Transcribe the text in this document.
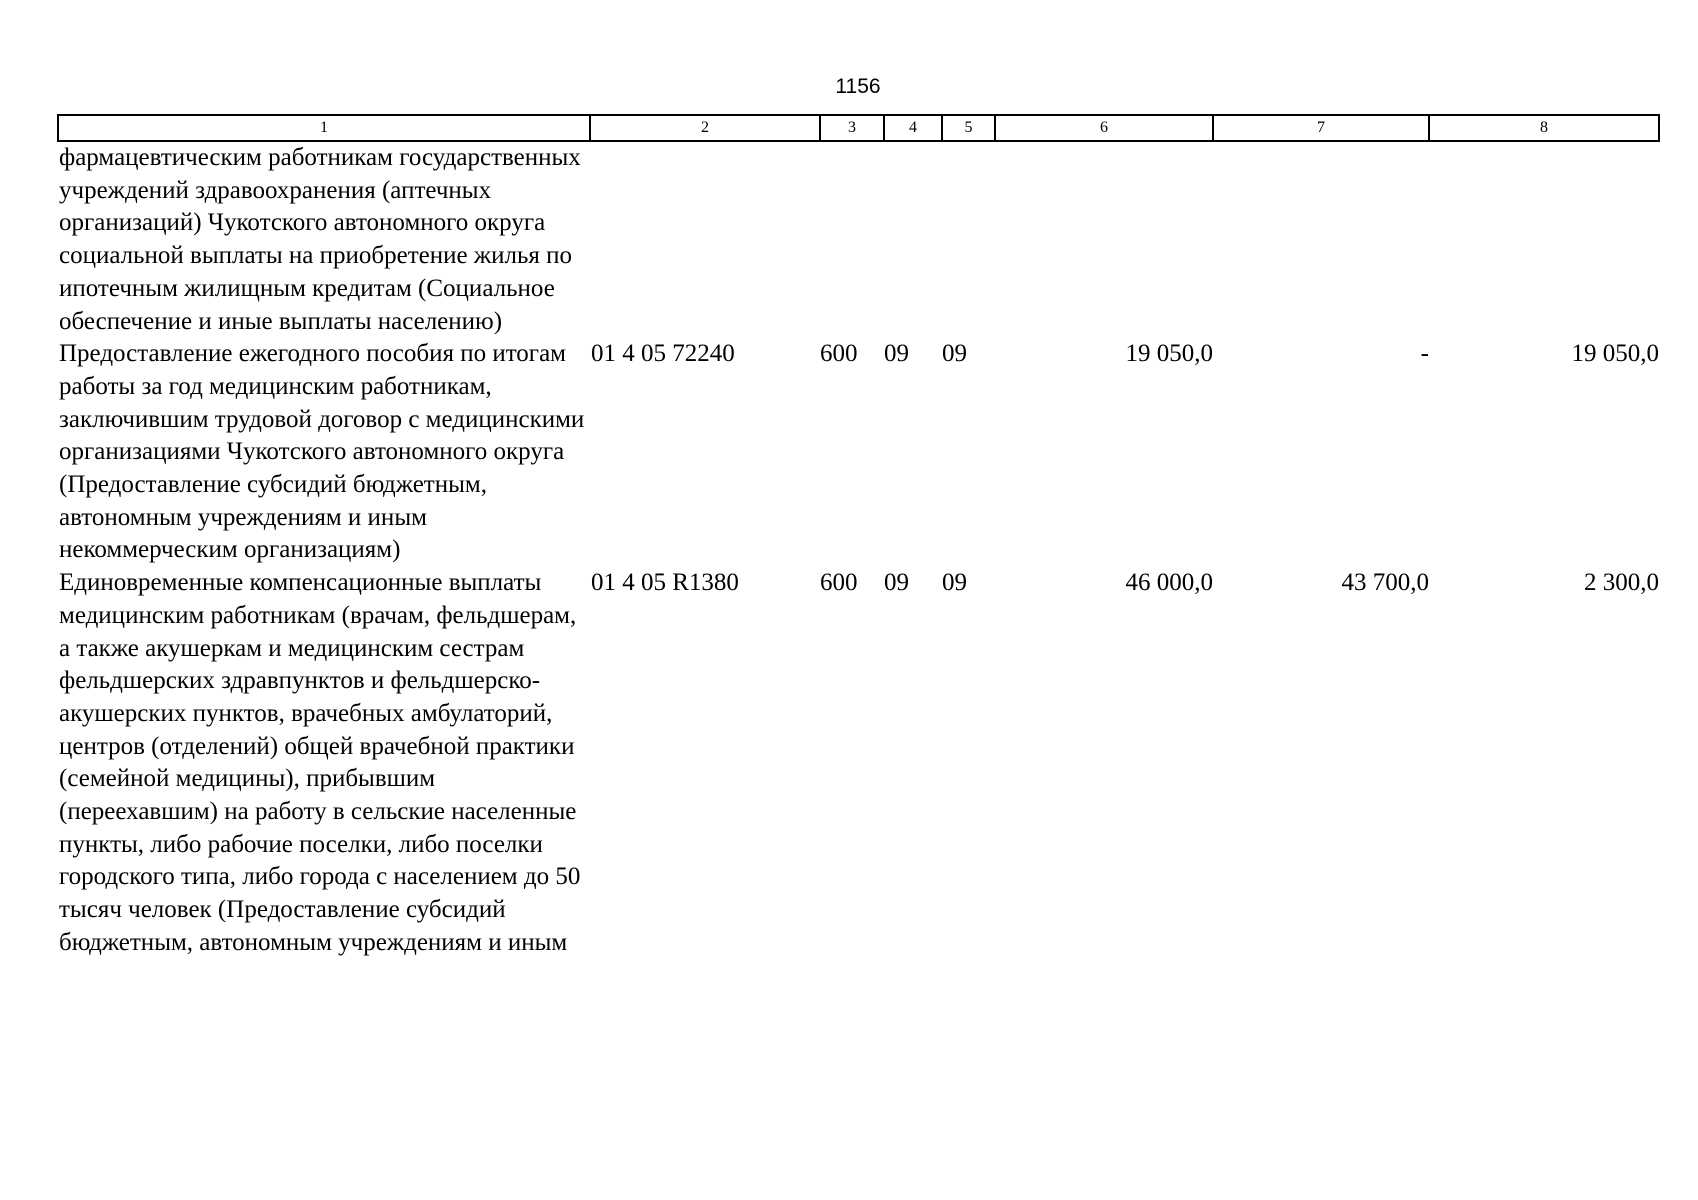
1156
1	2	3	4	5	6	7	8
фармацевтическим работникам государственных учреждений здравоохранения (аптечных организаций) Чукотского автономного округа социальной выплаты на приобретение жилья по ипотечным жилищным кредитам (Социальное обеспечение и иные выплаты населению)							
Предоставление ежегодного пособия по итогам работы за год медицинским работникам, заключившим трудовой договор с медицинскими организациями Чукотского автономного округа (Предоставление субсидий бюджетным, автономным учреждениям и иным некоммерческим организациям)	01 4 05 72240	600	09	09	19 050,0	-	19 050,0
Единовременные компенсационные выплаты медицинским работникам (врачам, фельдшерам, а также акушеркам и медицинским сестрам фельдшерских здравпунктов и фельдшерско-акушерских пунктов, врачебных амбулаторий, центров (отделений) общей врачебной практики (семейной медицины), прибывшим (переехавшим) на работу в сельские населенные пункты, либо рабочие поселки, либо поселки городского типа, либо города с населением до 50 тысяч человек (Предоставление субсидий бюджетным, автономным учреждениям и иным	01 4 05 R1380	600	09	09	46 000,0	43 700,0	2 300,0
